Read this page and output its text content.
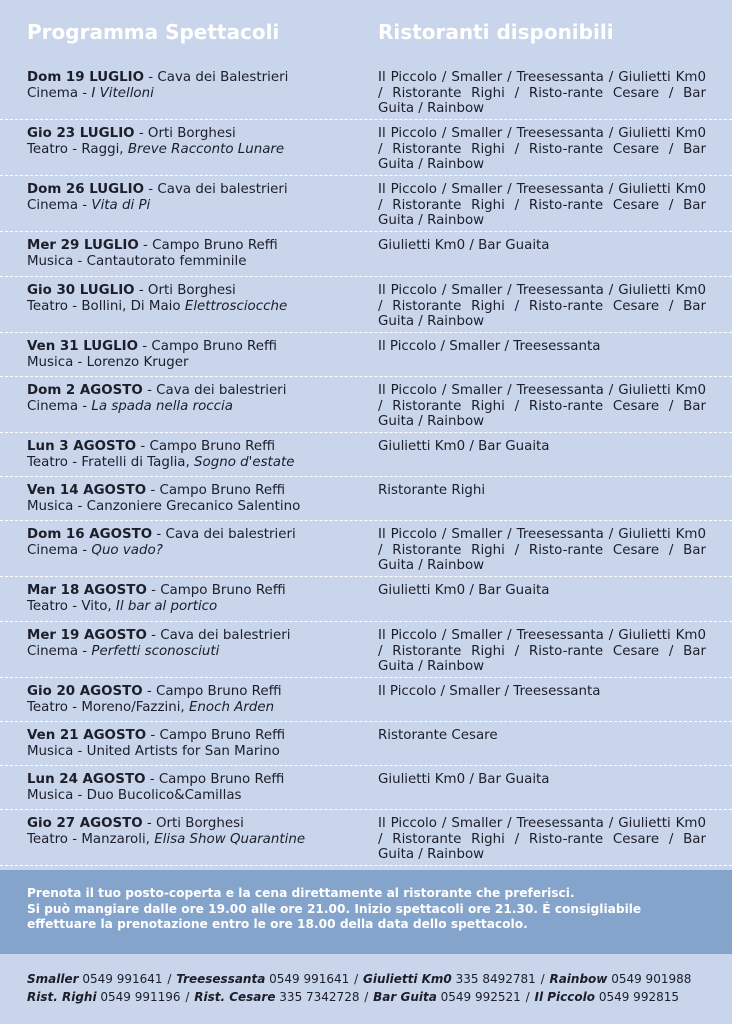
Programma Spettacoli	Ristoranti disponibili
Dom 19 LUGLIO - Cava dei Balestrieri
Cinema - I Vitelloni
Il Piccolo / Smaller / Treesessanta / Giulietti Km0 / Ristorante Righi / Risto-rante Cesare / Bar Guita / Rainbow
Gio 23 LUGLIO - Orti Borghesi
Teatro - Raggi, Breve Racconto Lunare
Il Piccolo / Smaller / Treesessanta / Giulietti Km0 / Ristorante Righi / Risto-rante Cesare / Bar Guita / Rainbow
Dom 26 LUGLIO - Cava dei balestrieri
Cinema - Vita di Pi
Il Piccolo / Smaller / Treesessanta / Giulietti Km0 / Ristorante Righi / Risto-rante Cesare / Bar Guita / Rainbow
Mer 29 LUGLIO - Campo Bruno Reffi
Musica - Cantautorato femminile
Giulietti Km0 / Bar Guaita
Gio 30 LUGLIO - Orti Borghesi
Teatro - Bollini, Di Maio Elettrosciocche
Il Piccolo / Smaller / Treesessanta / Giulietti Km0 / Ristorante Righi / Risto-rante Cesare / Bar Guita / Rainbow
Ven 31 LUGLIO - Campo Bruno Reffi
Musica - Lorenzo Kruger
Il Piccolo / Smaller / Treesessanta
Dom 2 AGOSTO - Cava dei balestrieri
Cinema - La spada nella roccia
Il Piccolo / Smaller / Treesessanta / Giulietti Km0 / Ristorante Righi / Risto-rante Cesare / Bar Guita / Rainbow
Lun 3 AGOSTO - Campo Bruno Reffi
Teatro - Fratelli di Taglia, Sogno d'estate
Giulietti Km0 / Bar Guaita
Ven 14 AGOSTO - Campo Bruno Reffi
Musica - Canzoniere Grecanico Salentino
Ristorante Righi
Dom 16 AGOSTO - Cava dei balestrieri
Cinema - Quo vado?
Il Piccolo / Smaller / Treesessanta / Giulietti Km0 / Ristorante Righi / Risto-rante Cesare / Bar Guita / Rainbow
Mar 18 AGOSTO - Campo Bruno Reffi
Teatro - Vito, Il bar al portico
Giulietti Km0 / Bar Guaita
Mer 19 AGOSTO - Cava dei balestrieri
Cinema - Perfetti sconosciuti
Il Piccolo / Smaller / Treesessanta / Giulietti Km0 / Ristorante Righi / Risto-rante Cesare / Bar Guita / Rainbow
Gio 20 AGOSTO - Campo Bruno Reffi
Teatro - Moreno/Fazzini, Enoch Arden
Il Piccolo / Smaller / Treesessanta
Ven 21 AGOSTO - Campo Bruno Reffi
Musica - United Artists for San Marino
Ristorante Cesare
Lun 24 AGOSTO - Campo Bruno Reffi
Musica - Duo Bucolico&Camillas
Giulietti Km0 / Bar Guaita
Gio 27 AGOSTO - Orti Borghesi
Teatro - Manzaroli, Elisa Show Quarantine
Il Piccolo / Smaller / Treesessanta / Giulietti Km0 / Ristorante Righi / Risto-rante Cesare / Bar Guita / Rainbow
Prenota il tuo posto-coperta e la cena direttamente al ristorante che preferisci.
Si può mangiare dalle ore 19.00 alle ore 21.00. Inizio spettacoli ore 21.30. É consigliabile
effettuare la prenotazione entro le ore 18.00 della data dello spettacolo.
Smaller 0549 991641 / Treesessanta 0549 991641 / Giulietti Km0 335 8492781 / Rainbow 0549 901988
Rist. Righi 0549 991196 / Rist. Cesare 335 7342728 / Bar Guita 0549 992521 / Il Piccolo 0549 992815
